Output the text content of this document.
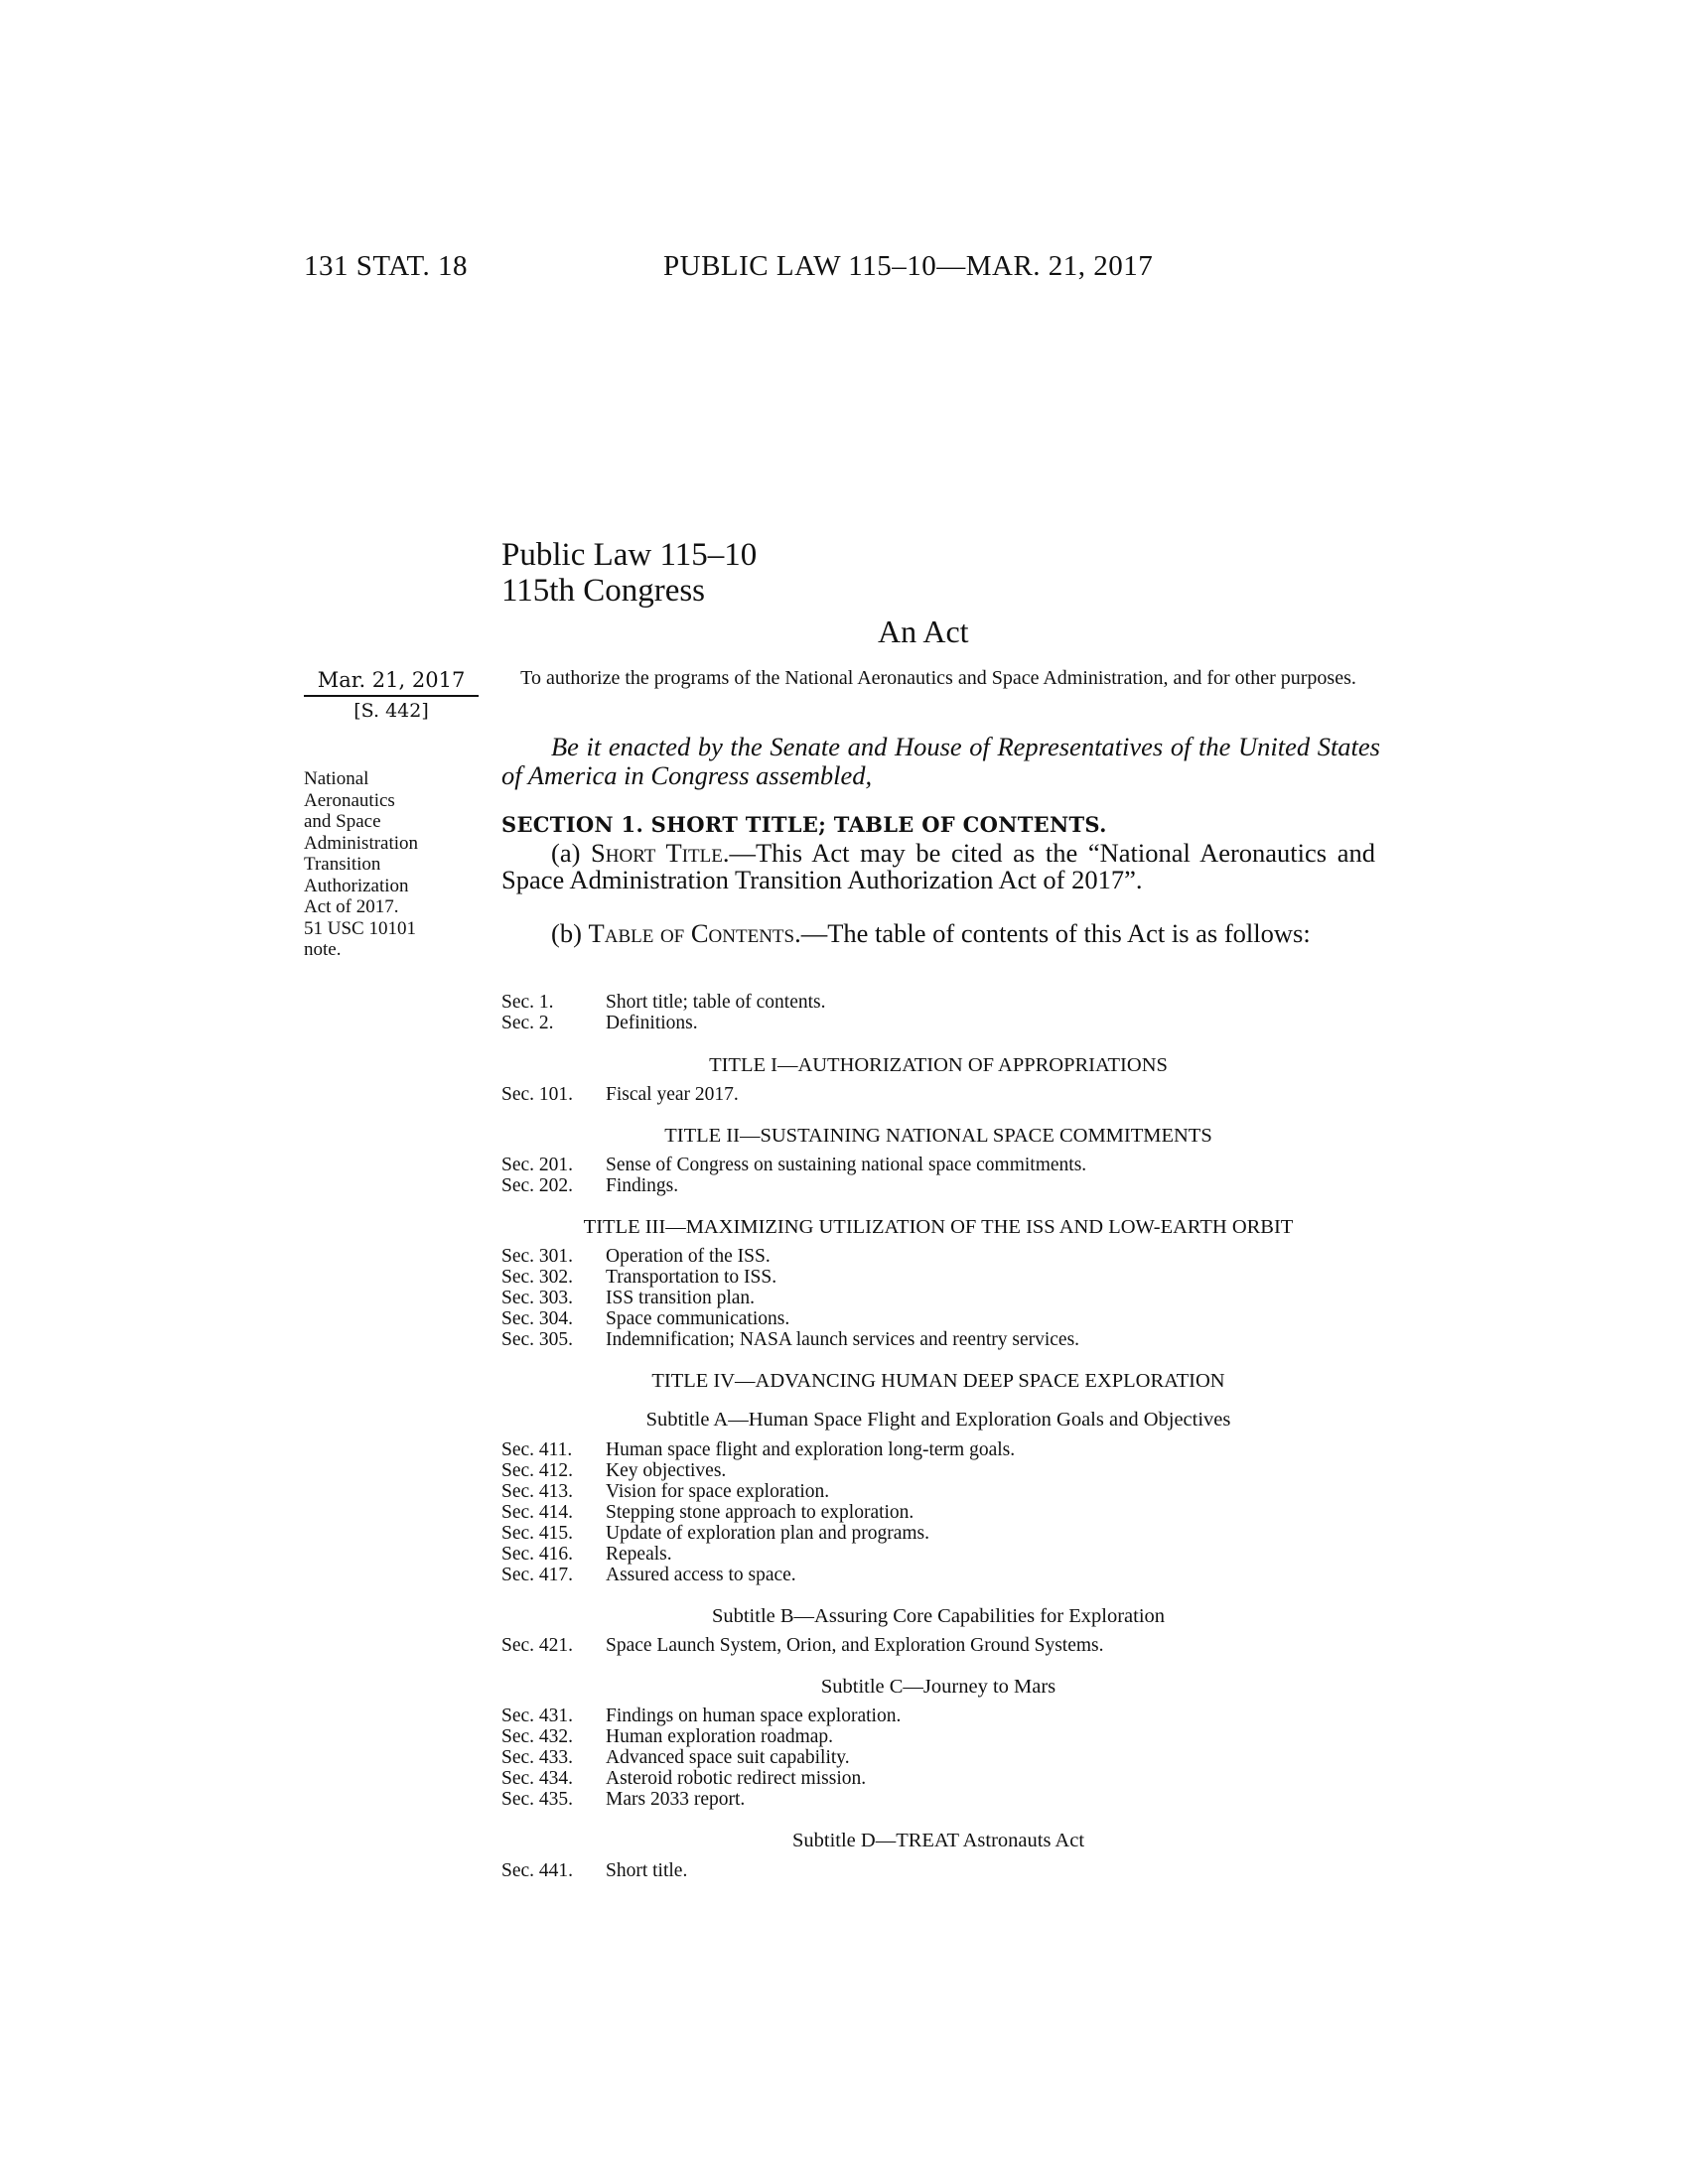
131 STAT. 18	PUBLIC LAW 115–10—MAR. 21, 2017
Public Law 115–10
115th Congress
An Act
Mar. 21, 2017
[S. 442]
To authorize the programs of the National Aeronautics and Space Administration, and for other purposes.
National
Aeronautics
and Space
Administration
Transition
Authorization
Act of 2017.
51 USC 10101
note.
Be it enacted by the Senate and House of Representatives of the United States of America in Congress assembled,
SECTION 1. SHORT TITLE; TABLE OF CONTENTS.
(a) Short Title.—This Act may be cited as the “National Aeronautics and Space Administration Transition Authorization Act of 2017”.
(b) Table of Contents.—The table of contents of this Act is as follows:
Sec. 1.	Short title; table of contents.
Sec. 2.	Definitions.
TITLE I—AUTHORIZATION OF APPROPRIATIONS
Sec. 101. Fiscal year 2017.
TITLE II—SUSTAINING NATIONAL SPACE COMMITMENTS
Sec. 201. Sense of Congress on sustaining national space commitments.
Sec. 202. Findings.
TITLE III—MAXIMIZING UTILIZATION OF THE ISS AND LOW-EARTH ORBIT
Sec. 301. Operation of the ISS.
Sec. 302. Transportation to ISS.
Sec. 303. ISS transition plan.
Sec. 304. Space communications.
Sec. 305. Indemnification; NASA launch services and reentry services.
TITLE IV—ADVANCING HUMAN DEEP SPACE EXPLORATION
Subtitle A—Human Space Flight and Exploration Goals and Objectives
Sec. 411. Human space flight and exploration long-term goals.
Sec. 412. Key objectives.
Sec. 413. Vision for space exploration.
Sec. 414. Stepping stone approach to exploration.
Sec. 415. Update of exploration plan and programs.
Sec. 416. Repeals.
Sec. 417. Assured access to space.
Subtitle B—Assuring Core Capabilities for Exploration
Sec. 421. Space Launch System, Orion, and Exploration Ground Systems.
Subtitle C—Journey to Mars
Sec. 431. Findings on human space exploration.
Sec. 432. Human exploration roadmap.
Sec. 433. Advanced space suit capability.
Sec. 434. Asteroid robotic redirect mission.
Sec. 435. Mars 2033 report.
Subtitle D—TREAT Astronauts Act
Sec. 441. Short title.
